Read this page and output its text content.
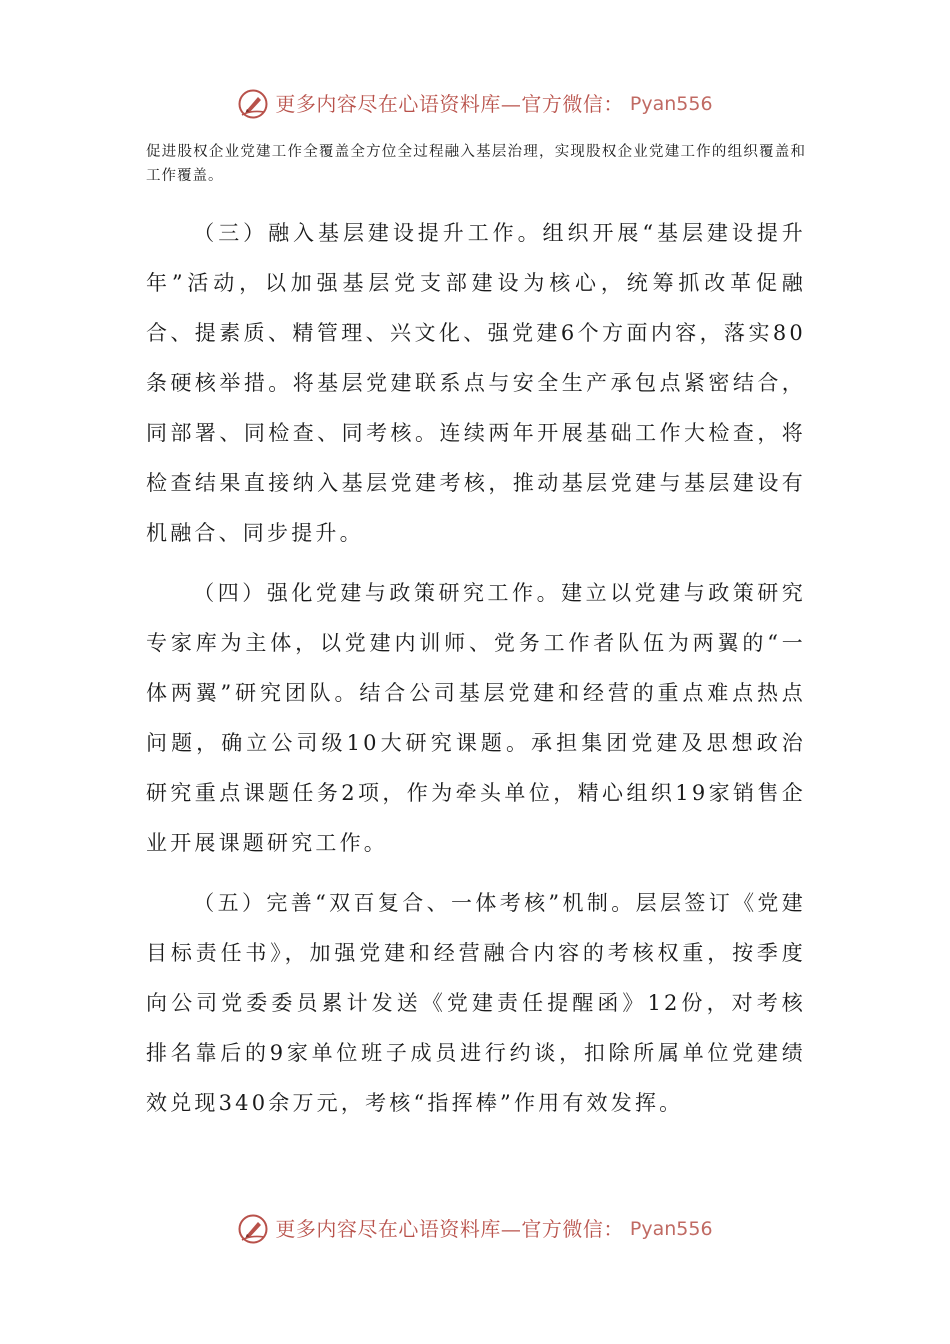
更多内容尽在心语资料库—官方微信： Pyan556

促进股权企业党建工作全覆盖全方位全过程融入基层治理，实现股权企业党建工作的组织覆盖和工作覆盖。

（三）融入基层建设提升工作。组织开展“基层建设提升年”活动，以加强基层党支部建设为核心，统筹抓改革促融合、提素质、精管理、兴文化、强党建6个方面内容，落实80条硬核举措。将基层党建联系点与安全生产承包点紧密结合，同部署、同检查、同考核。连续两年开展基础工作大检查，将检查结果直接纳入基层党建考核，推动基层党建与基层建设有机融合、同步提升。

（四）强化党建与政策研究工作。建立以党建与政策研究专家库为主体，以党建内训师、党务工作者队伍为两翼的“一体两翼”研究团队。结合公司基层党建和经营的重点难点热点问题，确立公司级10大研究课题。承担集团党建及思想政治研究重点课题任务2项，作为牵头单位，精心组织19家销售企业开展课题研究工作。

（五）完善“双百复合、一体考核”机制。层层签订《党建目标责任书》，加强党建和经营融合内容的考核权重，按季度向公司党委委员累计发送《党建责任提醒函》12份，对考核排名靠后的9家单位班子成员进行约谈，扣除所属单位党建绩效兑现340余万元，考核“指挥棒”作用有效发挥。

更多内容尽在心语资料库—官方微信： Pyan556
